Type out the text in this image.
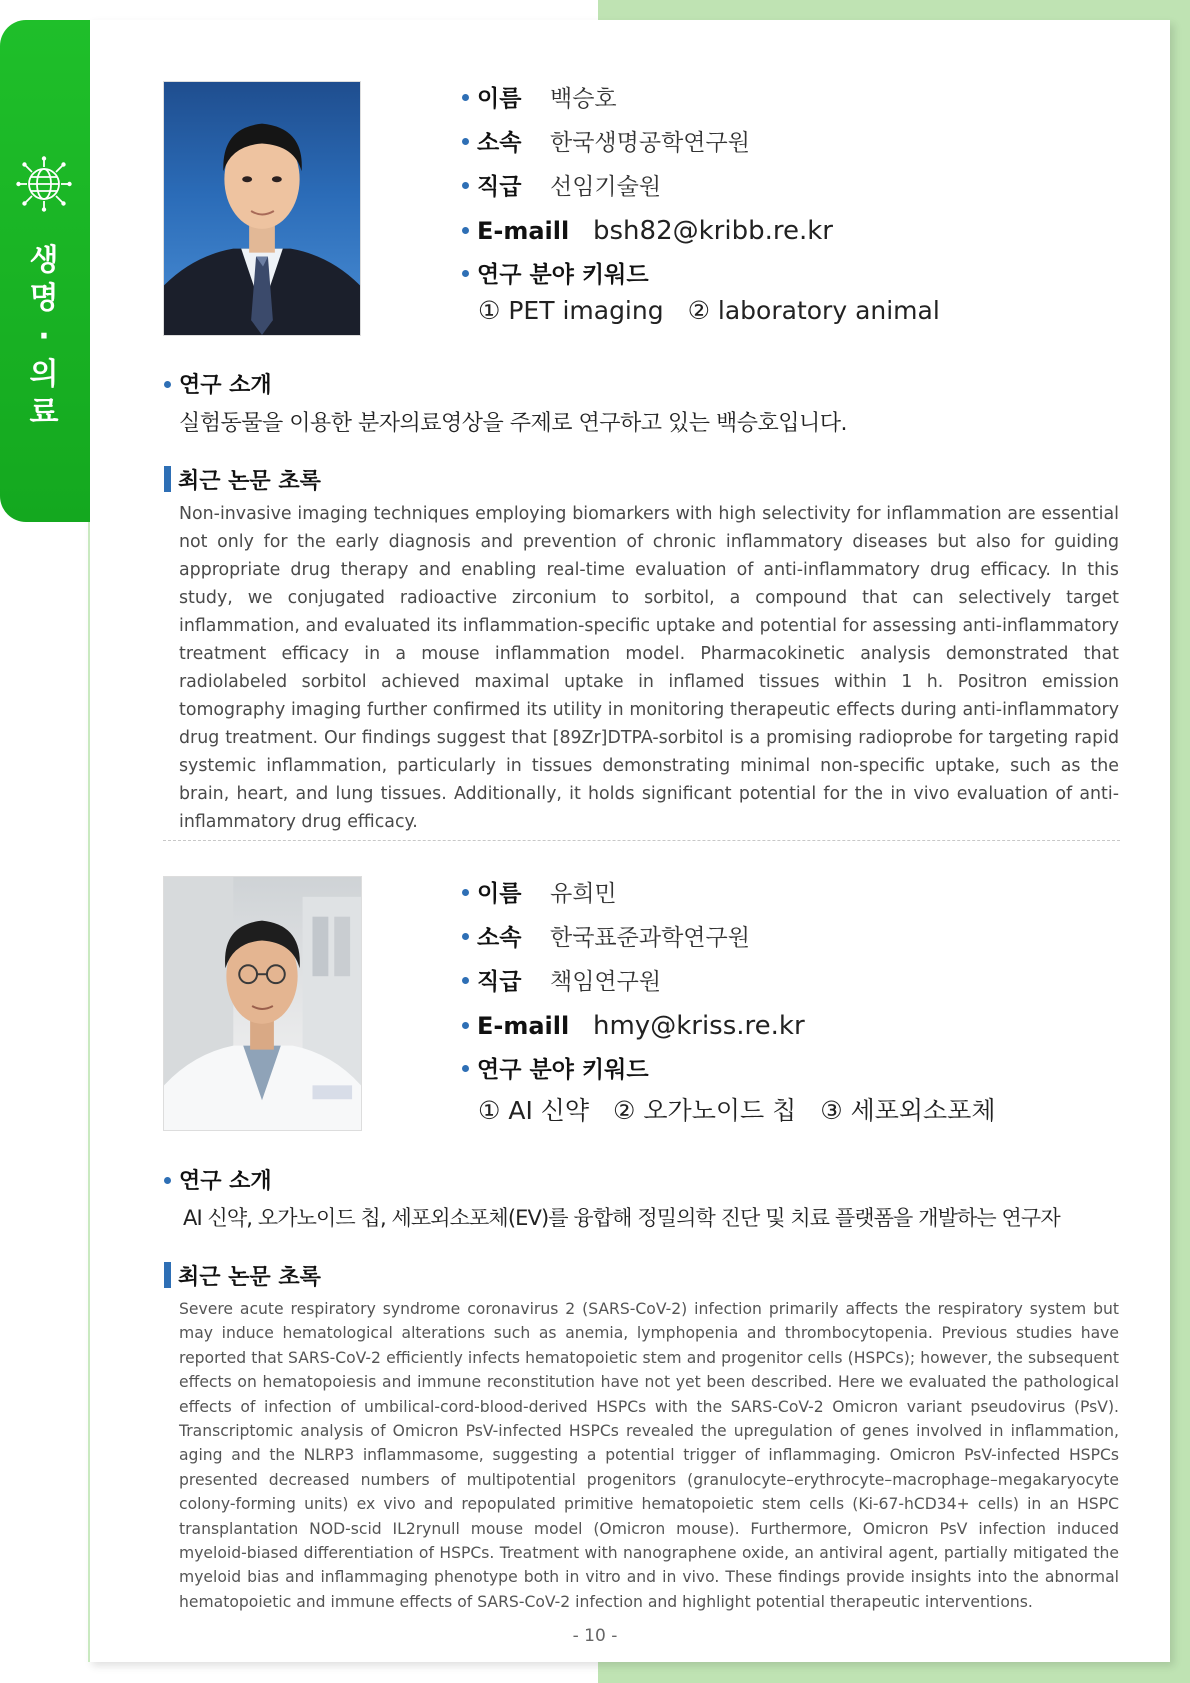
생
명
·
의
료
이름 백승호
소속 한국생명공학연구원
직급 선임기술원
E-maill bsh82@kribb.re.kr
연구 분야 키워드
① PET imaging ② laboratory animal
연구 소개
실험동물을 이용한 분자의료영상을 주제로 연구하고 있는 백승호입니다.
최근 논문 초록
Non-invasive imaging techniques employing biomarkers with high selectivity for inflammation are essential not only for the early diagnosis and prevention of chronic inflammatory diseases but also for guiding appropriate drug therapy and enabling real-time evaluation of anti-inflammatory drug efficacy. In this study, we conjugated radioactive zirconium to sorbitol, a compound that can selectively target inflammation, and evaluated its inflammation-specific uptake and potential for assessing anti-inflammatory treatment efficacy in a mouse inflammation model. Pharmacokinetic analysis demonstrated that radiolabeled sorbitol achieved maximal uptake in inflamed tissues within 1 h. Positron emission tomography imaging further confirmed its utility in monitoring therapeutic effects during anti-inflammatory drug treatment. Our findings suggest that [89Zr]DTPA-sorbitol is a promising radioprobe for targeting rapid systemic inflammation, particularly in tissues demonstrating minimal non-specific uptake, such as the brain, heart, and lung tissues. Additionally, it holds significant potential for the in vivo evaluation of anti-inflammatory drug efficacy.
이름 유희민
소속 한국표준과학연구원
직급 책임연구원
E-maill hmy@kriss.re.kr
연구 분야 키워드
① AI 신약 ② 오가노이드 칩 ③ 세포외소포체
연구 소개
AI 신약, 오가노이드 칩, 세포외소포체(EV)를 융합해 정밀의학 진단 및 치료 플랫폼을 개발하는 연구자
최근 논문 초록
Severe acute respiratory syndrome coronavirus 2 (SARS-CoV-2) infection primarily affects the respiratory system but may induce hematological alterations such as anemia, lymphopenia and thrombocytopenia. Previous studies have reported that SARS-CoV-2 efficiently infects hematopoietic stem and progenitor cells (HSPCs); however, the subsequent effects on hematopoiesis and immune reconstitution have not yet been described. Here we evaluated the pathological effects of infection of umbilical-cord-blood-derived HSPCs with the SARS-CoV-2 Omicron variant pseudovirus (PsV). Transcriptomic analysis of Omicron PsV-infected HSPCs revealed the upregulation of genes involved in inflammation, aging and the NLRP3 inflammasome, suggesting a potential trigger of inflammaging. Omicron PsV-infected HSPCs presented decreased numbers of multipotential progenitors (granulocyte–erythrocyte–macrophage–megakaryocyte colony-forming units) ex vivo and repopulated primitive hematopoietic stem cells (Ki-67-hCD34+ cells) in an HSPC transplantation NOD-scid IL2rynull mouse model (Omicron mouse). Furthermore, Omicron PsV infection induced myeloid-biased differentiation of HSPCs. Treatment with nanographene oxide, an antiviral agent, partially mitigated the myeloid bias and inflammaging phenotype both in vitro and in vivo. These findings provide insights into the abnormal hematopoietic and immune effects of SARS-CoV-2 infection and highlight potential therapeutic interventions.
- 10 -
